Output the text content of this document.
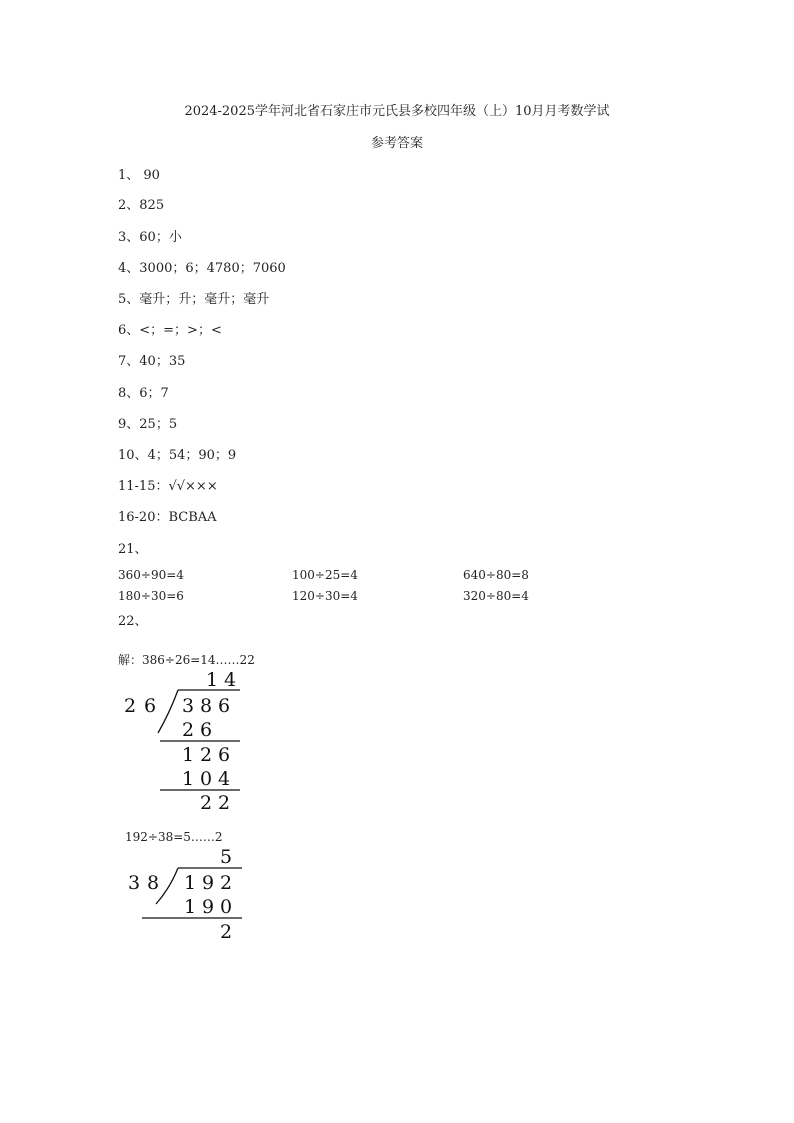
2024-2025学年河北省石家庄市元氏县多校四年级（上）10月月考数学试
参考答案
1、 90
2、825
3、60；小
4、3000；6；4780；7060
5、毫升；升；毫升；毫升
6、<；=；>；<
7、40；35
8、6；7
9、25；5
10、4；54；90；9
11-15：√√×××
16-20：BCBAA
21、
360÷90=4	100÷25=4	640÷80=8
180÷30=6	120÷30=4	320÷80=4
22、
解：386÷26=14……22
1 4
2 6 3 8 6
2 6
1 2 6
1 0 4
2 2
192÷38=5……2
5
3 8 1 9 2
1 9 0
2
